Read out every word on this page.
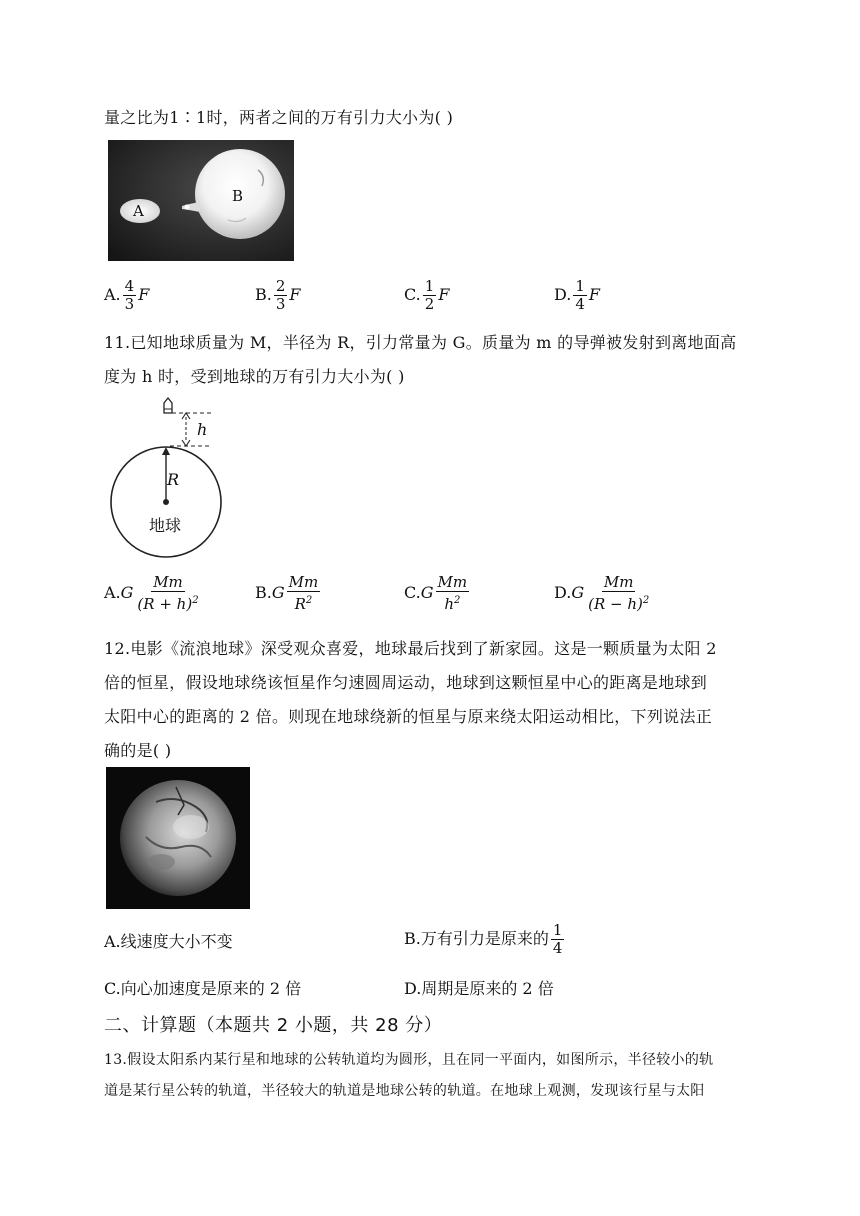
量之比为1∶1时，两者之间的万有引力大小为( )
A
B
A. $\frac{4}{3}$ F	B. $\frac{2}{3}$ F	C. $\frac{1}{2}$ F	D. $\frac{1}{4}$ F
11.已知地球质量为 M，半径为 R，引力常量为 G。质量为 m 的导弹被发射到离地面高
度为 h 时，受到地球的万有引力大小为( )
h
R
地球
$A.G \frac{Mm}{(R + h)^2}$	$B.G \frac{Mm}{R^2}$	$C.G \frac{Mm}{h^2}$	$D.G \frac{Mm}{(R - h)^2}$
12.电影《流浪地球》深受观众喜爱，地球最后找到了新家园。这是一颗质量为太阳 2
倍的恒星，假设地球绕该恒星作匀速圆周运动，地球到这颗恒星中心的距离是地球到
太阳中心的距离的 2 倍。则现在地球绕新的恒星与原来绕太阳运动相比，下列说法正
确的是( )
A.线速度大小不变	B.万有引力是原来的 $\frac{1}{4}$
C.向心加速度是原来的 2 倍	D.周期是原来的 2 倍
二、计算题（本题共 2 小题，共 28 分）
13.假设太阳系内某行星和地球的公转轨道均为圆形，且在同一平面内，如图所示，半径较小的轨
道是某行星公转的轨道，半径较大的轨道是地球公转的轨道。在地球上观测，发现该行星与太阳
